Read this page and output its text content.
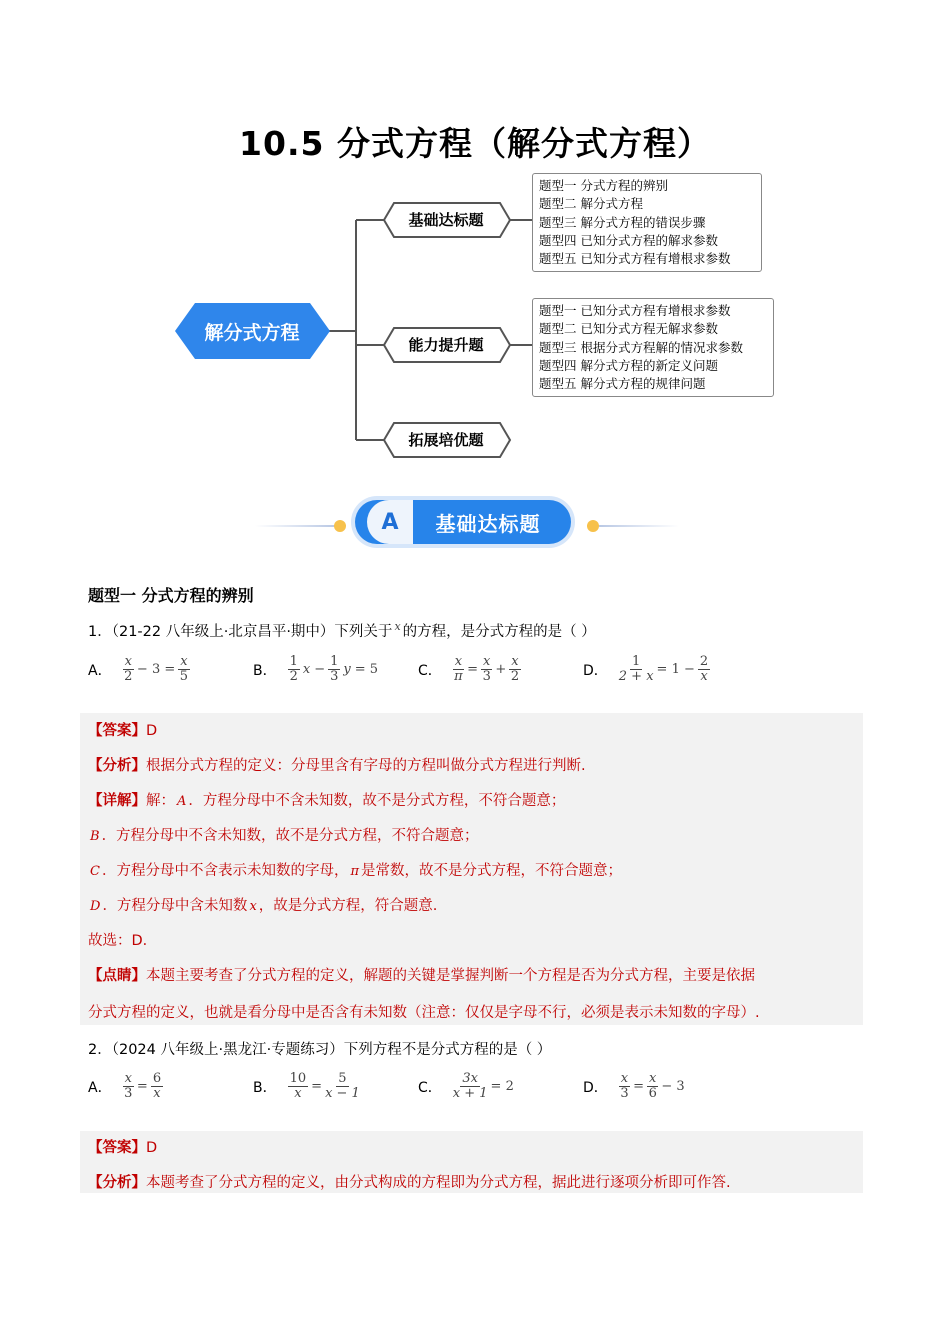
10.5 分式方程（解分式方程）
解分式方程
基础达标题
能力提升题
拓展培优题
题型一 分式方程的辨别
题型二 解分式方程
题型三 解分式方程的错误步骤
题型四 已知分式方程的解求参数
题型五 已知分式方程有增根求参数
题型一 已知分式方程有增根求参数
题型二 已知分式方程无解求参数
题型三 根据分式方程解的情况求参数
题型四 解分式方程的新定义问题
题型五 解分式方程的规律问题
A	基础达标题
题型一 分式方程的辨别
1．（21-22 八年级上·北京昌平·期中）下列关于 $^x$ 的方程，是分式方程的是（ ）
A． $\frac{x}{2} - 3 = \frac{x}{5}$	B． $\frac{1}{2}$ $x - \frac{1}{3}$ y = 5	C． $\frac{x}{\pi} = \frac{x}{3} + \frac{x}{2}$	D． $\frac{1}{2 + x} = 1 - \frac{2}{x}$
【答案】D
【分析】根据分式方程的定义：分母里含有字母的方程叫做分式方程进行判断.
【详解】解： A ．方程分母中不含未知数，故不是分式方程，不符合题意；
B ．方程分母中不含未知数，故不是分式方程，不符合题意；
C ．方程分母中不含表示未知数的字母， π 是常数，故不是分式方程，不符合题意；
D ．方程分母中含未知数 x ，故是分式方程，符合题意.
故选：D．
【点睛】本题主要考查了分式方程的定义，解题的关键是掌握判断一个方程是否为分式方程，主要是依据
分式方程的定义，也就是看分母中是否含有未知数（注意：仅仅是字母不行，必须是表示未知数的字母）.
2．（2024 八年级上·黑龙江·专题练习）下列方程不是分式方程的是（ ）
A． $\frac{x}{3} = \frac{6}{x}$	B． $\frac{10}{x} = \frac{5}{x - 1}$	C． $\frac{3x}{x + 1} = 2$	D． $\frac{x}{3} = \frac{x}{6} - 3$
【答案】D
【分析】本题考查了分式方程的定义，由分式构成的方程即为分式方程，据此进行逐项分析即可作答.
